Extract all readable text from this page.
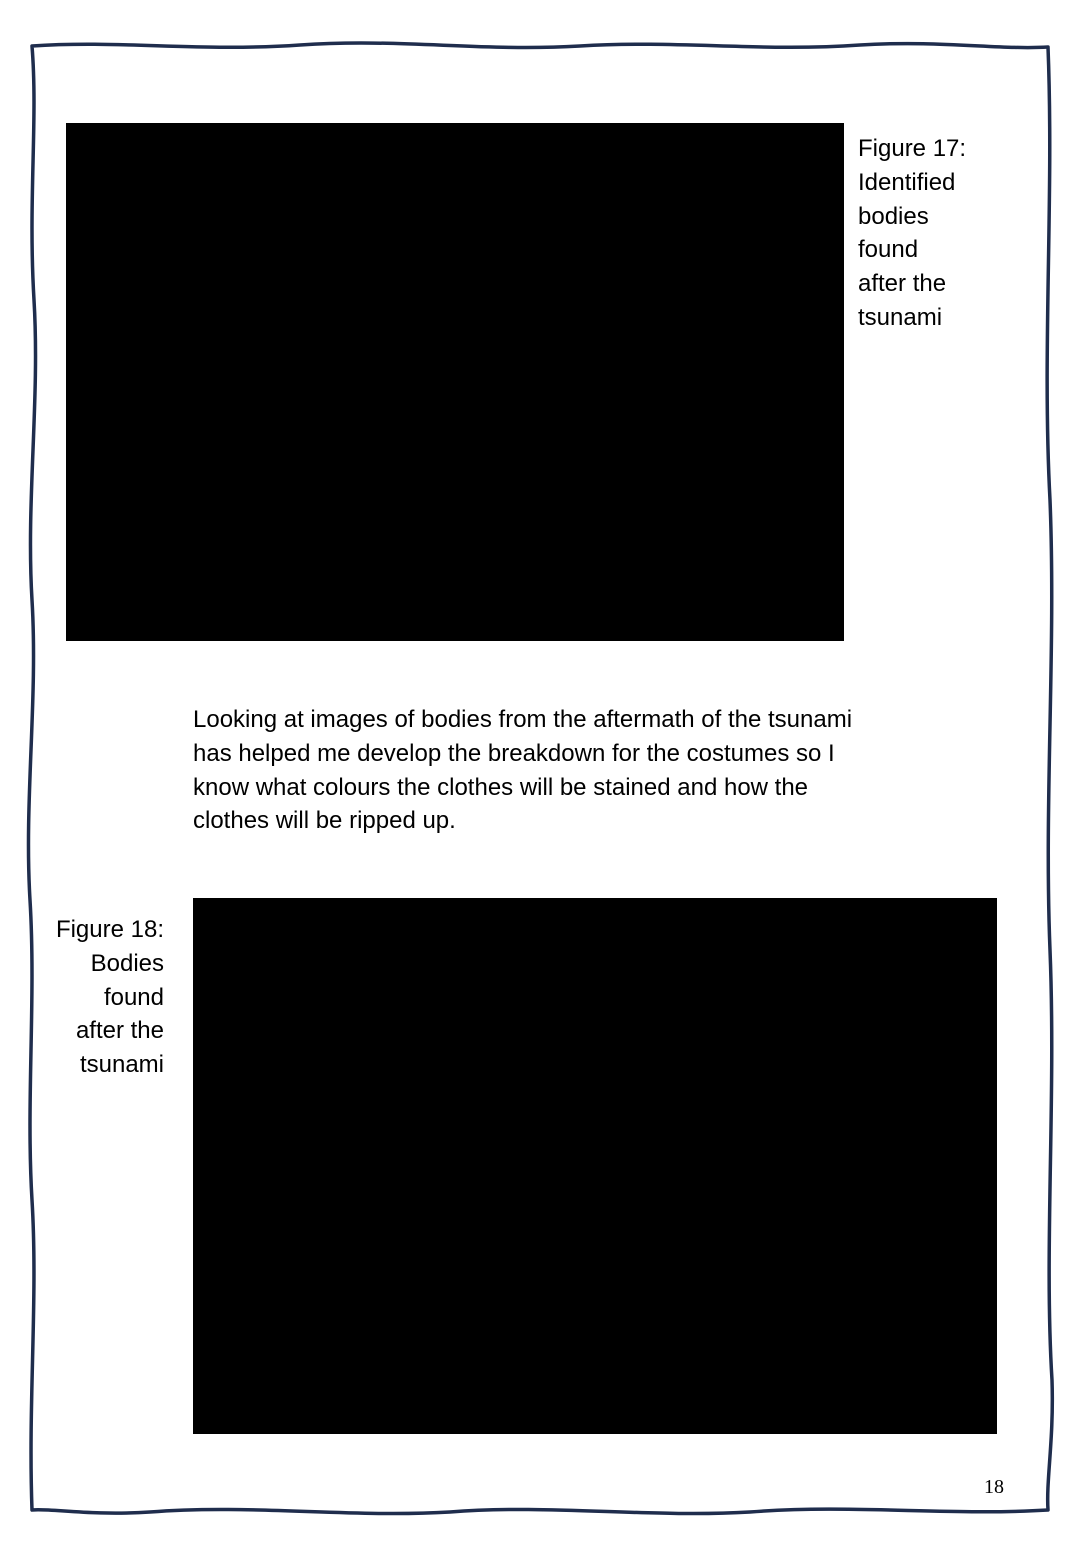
Figure 17:
Identified
bodies
found
after the
tsunami
Looking at images of bodies from the aftermath of the tsunami
has helped me develop the breakdown for the costumes so I
know what colours the clothes will be stained and how the
clothes will be ripped up.
Figure 18:
Bodies
found
after the
tsunami
18
